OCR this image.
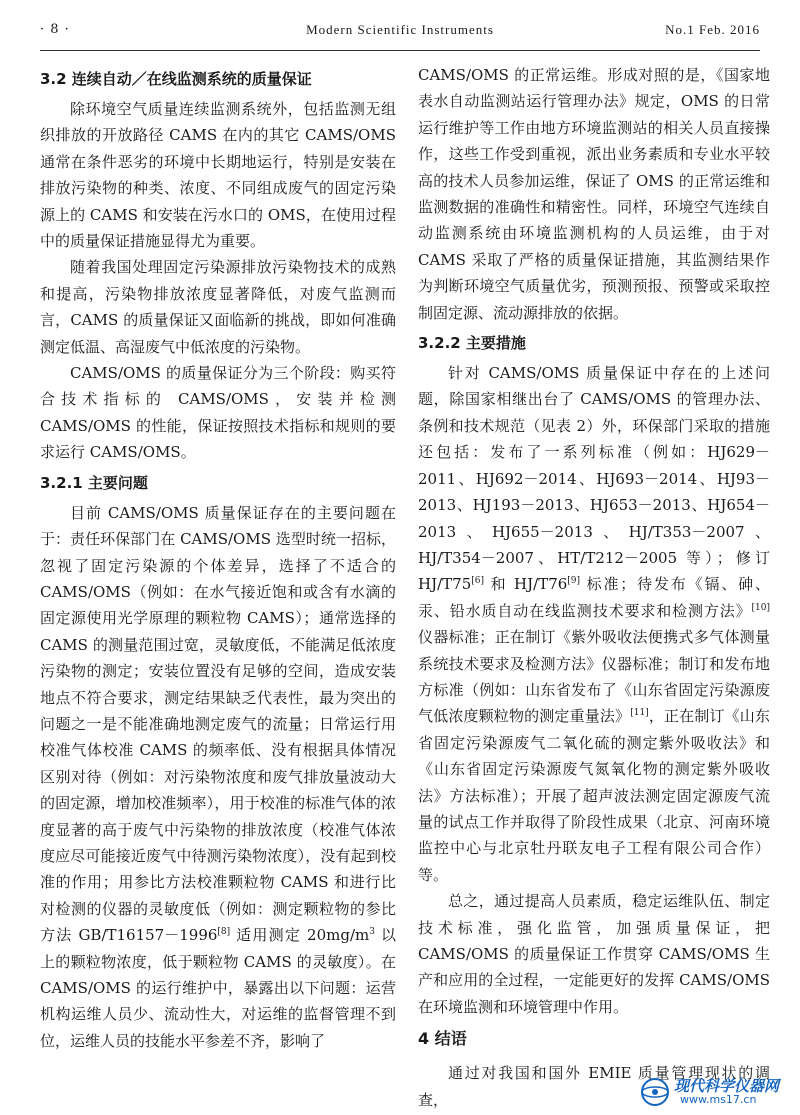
· 8 ·	Modern Scientific Instruments	No.1 Feb. 2016
3.2 连续自动／在线监测系统的质量保证

除环境空气质量连续监测系统外，包括监测无组织排放的开放路径 CAMS 在内的其它 CAMS/OMS 通常在条件恶劣的环境中长期地运行，特别是安装在排放污染物的种类、浓度、不同组成废气的固定污染源上的 CAMS 和安装在污水口的 OMS，在使用过程中的质量保证措施显得尤为重要。

随着我国处理固定污染源排放污染物技术的成熟和提高，污染物排放浓度显著降低，对废气监测而言，CAMS 的质量保证又面临新的挑战，即如何准确测定低温、高湿废气中低浓度的污染物。

CAMS/OMS 的质量保证分为三个阶段：购买符合技术指标的 CAMS/OMS，安装并检测 CAMS/OMS 的性能，保证按照技术指标和规则的要求运行 CAMS/OMS。

3.2.1 主要问题

目前 CAMS/OMS 质量保证存在的主要问题在于：责任环保部门在 CAMS/OMS 选型时统一招标，忽视了固定污染源的个体差异，选择了不适合的 CAMS/OMS（例如：在水气接近饱和或含有水滴的固定源使用光学原理的颗粒物 CAMS）；通常选择的 CAMS 的测量范围过宽，灵敏度低，不能满足低浓度污染物的测定；安装位置没有足够的空间，造成安装地点不符合要求，测定结果缺乏代表性，最为突出的问题之一是不能准确地测定废气的流量；日常运行用校准气体校准 CAMS 的频率低、没有根据具体情况区别对待（例如：对污染物浓度和废气排放量波动大的固定源，增加校准频率），用于校准的标准气体的浓度显著的高于废气中污染物的排放浓度（校准气体浓度应尽可能接近废气中待测污染物浓度），没有起到校准的作用；用参比方法校准颗粒物 CAMS 和进行比对检测的仪器的灵敏度低（例如：测定颗粒物的参比方法 GB/T16157－1996[8] 适用测定 $20mg/m^3$ 以上的颗粒物浓度，低于颗粒物 CAMS 的灵敏度）。在 CAMS/OMS 的运行维护中，暴露出以下问题：运营机构运维人员少、流动性大，对运维的监督管理不到位，运维人员的技能水平参差不齐，影响了

CAMS/OMS 的正常运维。形成对照的是，《国家地表水自动监测站运行管理办法》规定，OMS 的日常运行维护等工作由地方环境监测站的相关人员直接操作，这些工作受到重视，派出业务素质和专业水平较高的技术人员参加运维，保证了 OMS 的正常运维和监测数据的准确性和精密性。同样，环境空气连续自动监测系统由环境监测机构的人员运维，由于对 CAMS 采取了严格的质量保证措施，其监测结果作为判断环境空气质量优劣，预测预报、预警或采取控制固定源、流动源排放的依据。

3.2.2 主要措施

针对 CAMS/OMS 质量保证中存在的上述问题，除国家相继出台了 CAMS/OMS 的管理办法、条例和技术规范（见表 2）外，环保部门采取的措施还包括：发布了一系列标准（例如：HJ629－2011、HJ692－2014、HJ693－2014、HJ93－2013、HJ193－2013、HJ653－2013、HJ654－2013、HJ655－2013、HJ/T353－2007、HJ/T354－2007、HT/T212－2005 等）；修订 HJ/T75[6] 和 HJ/T76[9] 标准；待发布《镉、砷、汞、铅水质自动在线监测技术要求和检测方法》[10] 仪器标准；正在制订《紫外吸收法便携式多气体测量系统技术要求及检测方法》仪器标准；制订和发布地方标准（例如：山东省发布了《山东省固定污染源废气低浓度颗粒物的测定重量法》[11]，正在制订《山东省固定污染源废气二氧化硫的测定紫外吸收法》和《山东省固定污染源废气氮氧化物的测定紫外吸收法》方法标准）；开展了超声波法测定固定源废气流量的试点工作并取得了阶段性成果（北京、河南环境监控中心与北京牡丹联友电子工程有限公司合作）等。

总之，通过提高人员素质，稳定运维队伍、制定技术标准，强化监管，加强质量保证，把 CAMS/OMS 的质量保证工作贯穿 CAMS/OMS 生产和应用的全过程，一定能更好的发挥 CAMS/OMS 在环境监测和环境管理中作用。

4 结语

通过对我国和国外 EMIE 质量管理现状的调查，

现代科学仪器网
www.ms17.cn
